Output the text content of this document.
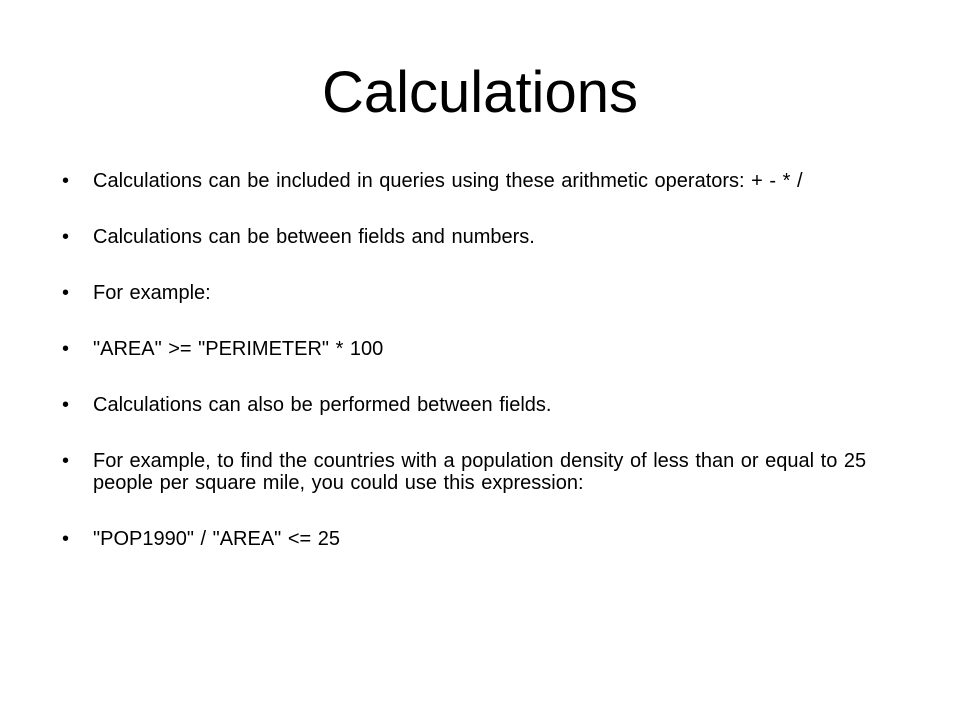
Calculations
•	Calculations can be included in queries using these arithmetic operators: + - * /
•	Calculations can be between fields and numbers.
•	For example:
•	"AREA" >= "PERIMETER" * 100
•	Calculations can also be performed between fields.
•	For example, to find the countries with a population density of less than or equal to 25 people per square mile, you could use this expression:
•	"POP1990" / "AREA" <= 25
